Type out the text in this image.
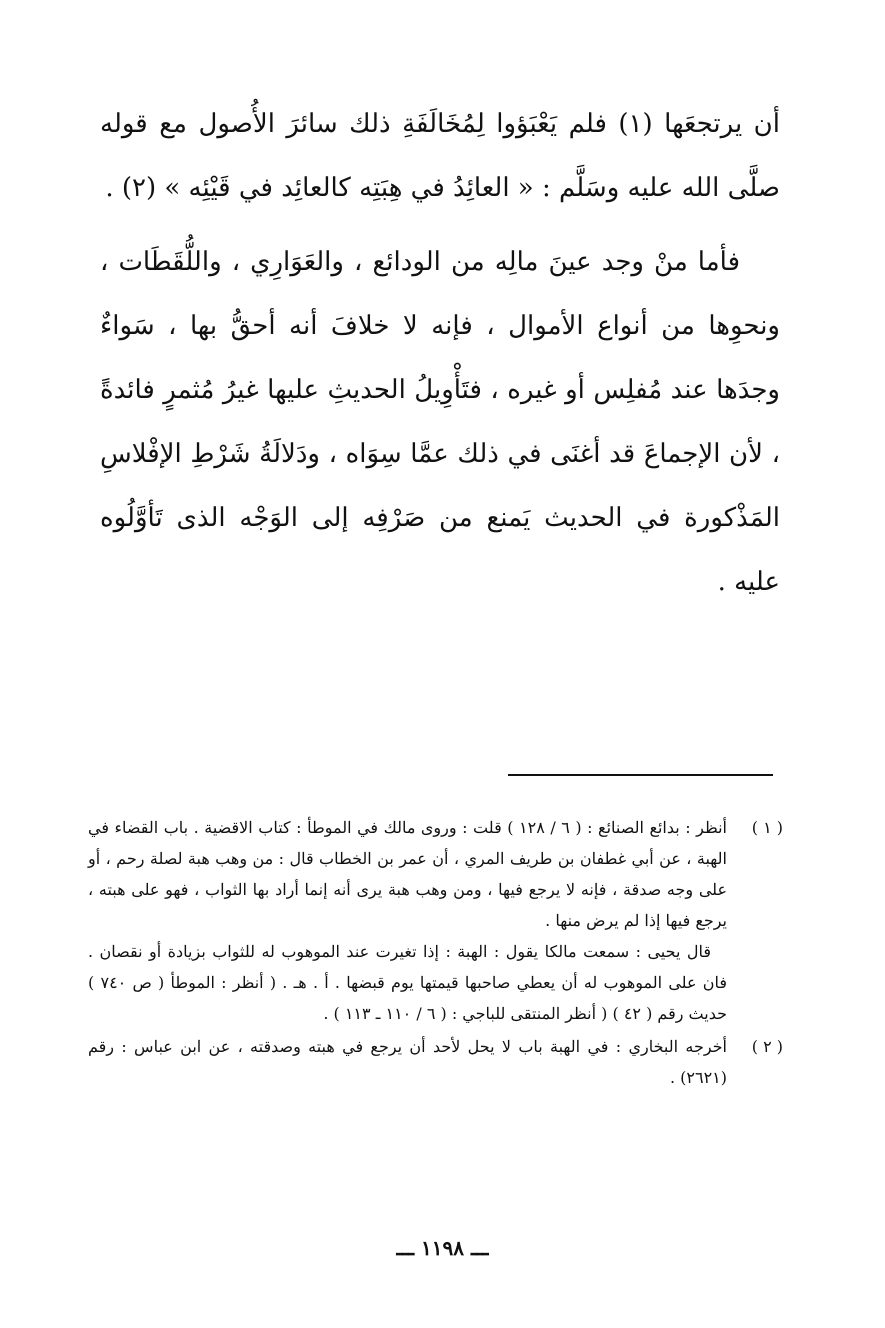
أن يرتجعَها (١) فلم يَعْبَؤوا لِمُخَالَفَةِ ذلك سائرَ الأُصول مع قوله صلَّى الله عليه وسَلَّم : « العائِدُ في هِبَتِه كالعائِد في قَيْئِه » (٢) .

فأما منْ وجد عينَ مالِه من الودائع ، والعَوَارِي ، واللُّقَطَات ، ونحوِها من أنواع الأموال ، فإنه لا خلافَ أنه أحقُّ بها ، سَواءٌ وجدَها عند مُفلِس أو غيره ، فتَأْوِيلُ الحديثِ عليها غيرُ مُثمرٍ فائدةً ، لأن الإجماعَ قد أغنَى في ذلك عمَّا سِوَاه ، ودَلالَةُ شَرْطِ الإفْلاسِ المَذْكورة في الحديث يَمنع من صَرْفِه إلى الوَجْه الذى تَأوَّلُوه عليه .

( ١ )

أنظر : بدائع الصنائع : ( ٦ / ١٢٨ ) قلت : وروى مالك في الموطأ : كتاب الاقضية . باب القضاء في الهبة ، عن أبي غطفان بن طريف المري ، أن عمر بن الخطاب قال : من وهب هبة لصلة رحم ، أو على وجه صدقة ، فإنه لا يرجع فيها ، ومن وهب هبة يرى أنه إنما أراد بها الثواب ، فهو على هبته ، يرجع فيها إذا لم يرض منها .

قال يحيى : سمعت مالكا يقول : الهبة : إذا تغيرت عند الموهوب له للثواب بزيادة أو نقصان . فان على الموهوب له أن يعطي صاحبها قيمتها يوم قبضها . أ . هـ . ( أنظر : الموطأ ( ص ٧٤٠ ) حديث رقم ( ٤٢ ) ( أنظر المنتقى للباجي : ( ٦ / ١١٠ ـ ١١٣ ) .

( ٢ )

أخرجه البخاري : في الهبة باب لا يحل لأحد أن يرجع في هبته وصدقته ، عن ابن عباس : رقم (٢٦٢١) .

ـــ ١١٩٨ ـــ
